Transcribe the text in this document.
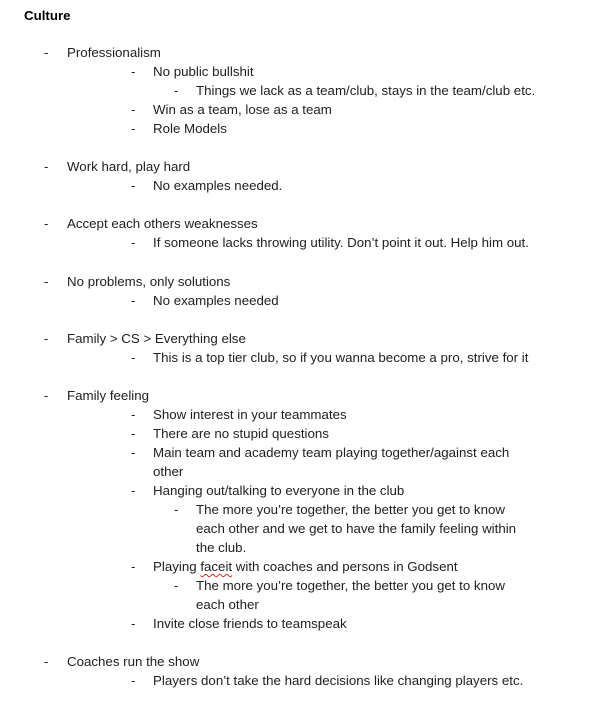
Culture
- Professionalism
- No public bullshit
- Things we lack as a team/club, stays in the team/club etc.
- Win as a team, lose as a team
- Role Models
- Work hard, play hard
- No examples needed.
- Accept each others weaknesses
- If someone lacks throwing utility. Don’t point it out. Help him out.
- No problems, only solutions
- No examples needed
- Family > CS > Everything else
- This is a top tier club, so if you wanna become a pro, strive for it
- Family feeling
- Show interest in your teammates
- There are no stupid questions
- Main team and academy team playing together/against each
other
- Hanging out/talking to everyone in the club
- The more you’re together, the better you get to know
each other and we get to have the family feeling within
the club.
- Playing faceit with coaches and persons in Godsent
- The more you’re together, the better you get to know
each other
- Invite close friends to teamspeak
- Coaches run the show
- Players don’t take the hard decisions like changing players etc.
